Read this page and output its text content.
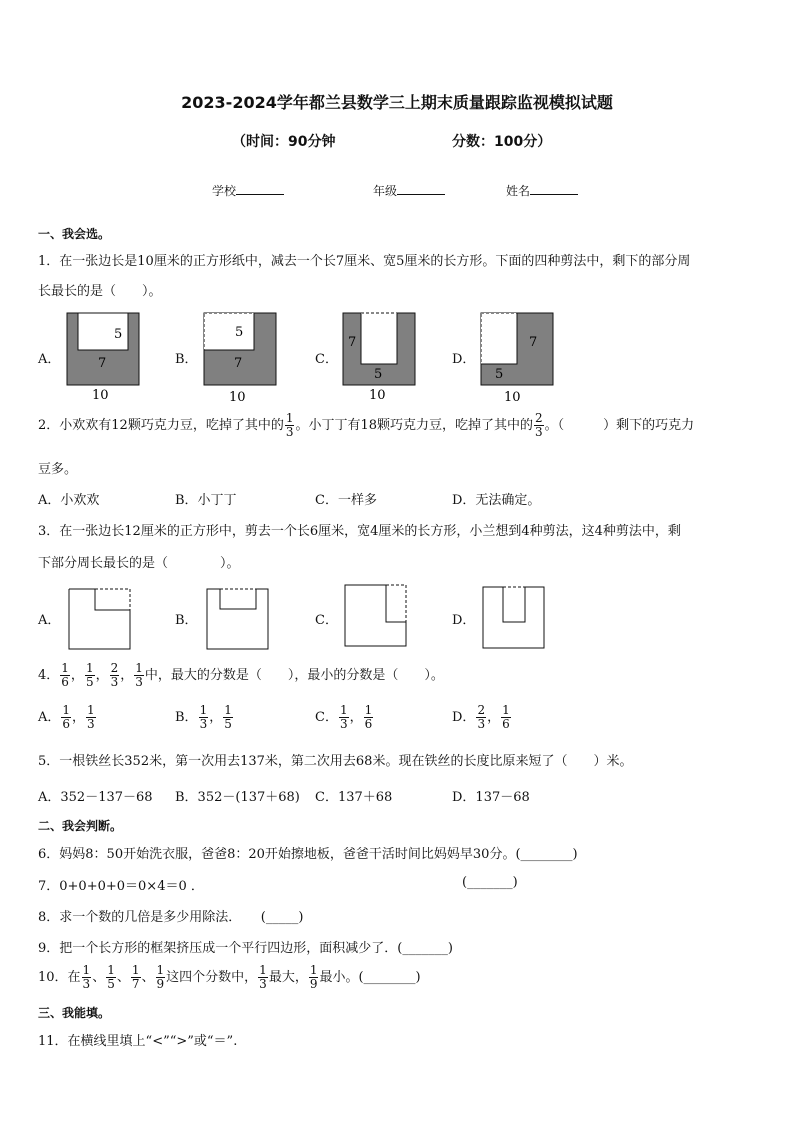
2023-2024学年都兰县数学三上期末质量跟踪监视模拟试题
（时间：90分钟	分数：100分）
学校	年级	姓名
一、我会选。
1．在一张边长是10厘米的正方形纸中，减去一个长7厘米、宽5厘米的长方形。下面的四种剪法中，剩下的部分周
长最长的是（　　）。
A．	B．	C．	D．
5
7
10
5
7
10
7
5
10
7
5
10
2．小欢欢有12颗巧克力豆，吃掉了其中的 $\frac{1}{3}$ 。小丁丁有18颗巧克力豆，吃掉了其中的 $\frac{2}{3}$ 。（　　　）剩下的巧克力
豆多。
A．小欢欢	B．小丁丁	C．一样多	D．无法确定。
3．在一张边长12厘米的正方形中，剪去一个长6厘米，宽4厘米的长方形，小兰想到4种剪法，这4种剪法中，剩
下部分周长最长的是（　　　　）。
A．	B．	C．	D．
4． $\frac{1}{6}$ ， $\frac{1}{5}$ ， $\frac{2}{3}$ ， $\frac{1}{3}$ 中，最大的分数是（　　），最小的分数是（　　）。
A． $\frac{1}{6}$ ， $\frac{1}{3}$	B． $\frac{1}{3}$ ， $\frac{1}{5}$	C． $\frac{1}{3}$ ， $\frac{1}{6}$	D． $\frac{2}{3}$ ， $\frac{1}{6}$
5．一根铁丝长352米，第一次用去137米，第二次用去68米。现在铁丝的长度比原来短了（　　）米。
A．352－137－68 B．352－(137＋68) C．137＋68	D．137－68
二、我会判断。
6．妈妈8：50开始洗衣服，爸爸8：20开始擦地板，爸爸干活时间比妈妈早30分。(________)
7．0+0+0+0＝0×4＝0 ．	(_______)
8．求一个数的几倍是多少用除法．　　(_____)
9．把一个长方形的框架挤压成一个平行四边形，面积减少了．(_______)
10．在 $\frac{1}{3}$ 、 $\frac{1}{5}$ 、 $\frac{1}{7}$ 、 $\frac{1}{9}$ 这四个分数中， $\frac{1}{3}$ 最大， $\frac{1}{9}$ 最小。(________)
三、我能填。
11．在横线里填上“<”“>”或“＝”.
